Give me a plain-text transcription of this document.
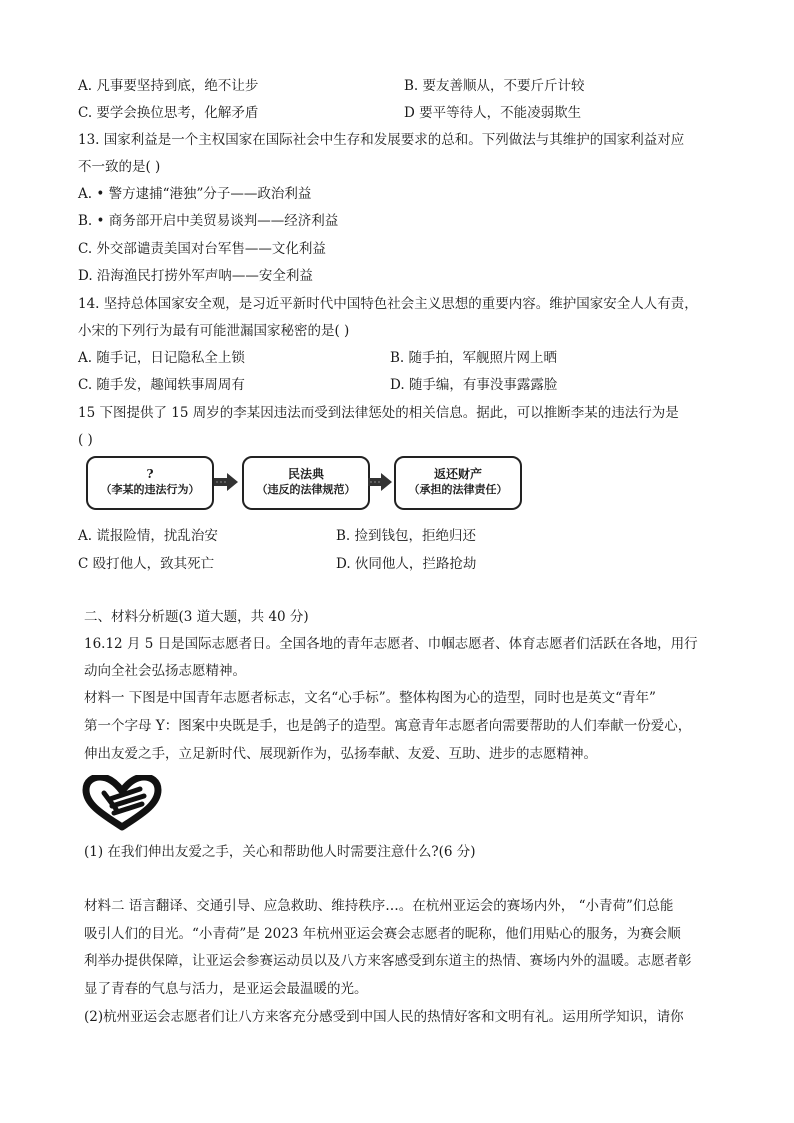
A. 凡事要坚持到底，绝不让步	B. 要友善顺从，不要斤斤计较
C. 要学会换位思考，化解矛盾	D 要平等待人，不能凌弱欺生
13. 国家利益是一个主权国家在国际社会中生存和发展要求的总和。下列做法与其维护的国家利益对应
不一致的是( )
A. • 警方逮捕“港独”分子——政治利益
B. • 商务部开启中美贸易谈判——经济利益
C. 外交部谴责美国对台军售——文化利益
D. 沿海渔民打捞外军声呐——安全利益
14. 坚持总体国家安全观，是习近平新时代中国特色社会主义思想的重要内容。维护国家安全人人有责，
小宋的下列行为最有可能泄漏国家秘密的是( )
A. 随手记，日记隐私全上锁	B. 随手拍，军舰照片网上晒
C. 随手发，趣闻轶事周周有	D. 随手编，有事没事露露脸
15 下图提供了 15 周岁的李某因违法而受到法律惩处的相关信息。据此，可以推断李某的违法行为是
( )
?
（李某的违法行为）
民法典
（违反的法律规范）
返还财产
（承担的法律责任）
A. 谎报险情，扰乱治安	B. 捡到钱包，拒绝归还
C 殴打他人，致其死亡	D. 伙同他人，拦路抢劫
二、材料分析题(3 道大题，共 40 分)
16.12 月 5 日是国际志愿者日。全国各地的青年志愿者、巾帼志愿者、体育志愿者们活跃在各地，用行
动向全社会弘扬志愿精神。
材料一 下图是中国青年志愿者标志，文名“心手标”。整体构图为心的造型，同时也是英文“青年”
第一个字母 Y：图案中央既是手，也是鸽子的造型。寓意青年志愿者向需要帮助的人们奉献一份爱心，
伸出友爱之手，立足新时代、展现新作为，弘扬奉献、友爱、互助、进步的志愿精神。
(1) 在我们伸出友爱之手，关心和帮助他人时需要注意什么?(6 分)
材料二 语言翻译、交通引导、应急救助、维持秩序…。在杭州亚运会的赛场内外， “小青荷”们总能
吸引人们的目光。“小青荷”是 2023 年杭州亚运会赛会志愿者的昵称，他们用贴心的服务，为赛会顺
利举办提供保障，让亚运会参赛运动员以及八方来客感受到东道主的热情、赛场内外的温暖。志愿者彰
显了青春的气息与活力，是亚运会最温暖的光。
(2)杭州亚运会志愿者们让八方来客充分感受到中国人民的热情好客和文明有礼。运用所学知识，请你
